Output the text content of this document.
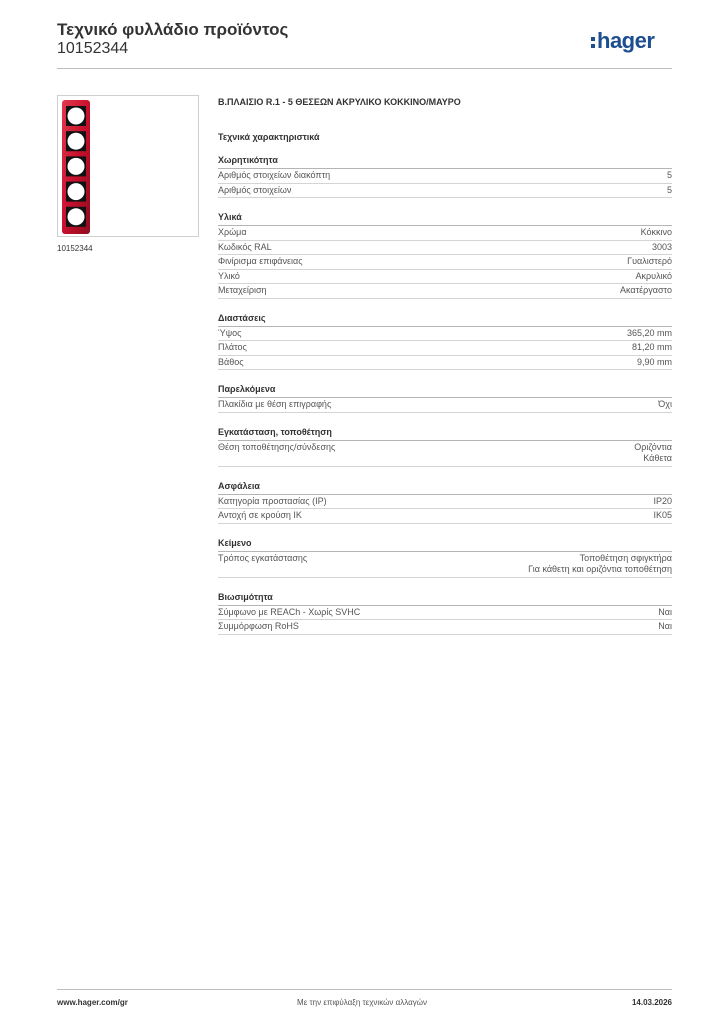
Τεχνικό φυλλάδιο προϊόντος
10152344	hager
10152344
Β.ΠΛΑΙΣΙΟ R.1 - 5 ΘΕΣΕΩΝ ΑΚΡΥΛΙΚΟ ΚΟΚΚΙΝΟ/ΜΑΥΡΟ
Τεχνικά χαρακτηριστικά
Χωρητικότητα
Αριθμός στοιχείων διακόπτη	5
Αριθμός στοιχείων	5
Υλικά
Χρώμα	Κόκκινο
Κωδικός RAL	3003
Φινίρισμα επιφάνειας	Γυαλιστερό
Υλικό	Ακρυλικό
Μεταχείριση	Ακατέργαστο
Διαστάσεις
Ύψος	365,20 mm
Πλάτος	81,20 mm
Βάθος	9,90 mm
Παρελκόμενα
Πλακίδια με θέση επιγραφής	Όχι
Εγκατάσταση, τοποθέτηση
Θέση τοποθέτησης/σύνδεσης	Οριζόντια
Κάθετα
Ασφάλεια
Κατηγορία προστασίας (IP)	IP20
Αντοχή σε κρούση IK	IK05
Κείμενο
Τρόπος εγκατάστασης	Τοποθέτηση σφιγκτήρα
Για κάθετη και οριζόντια τοποθέτηση
Βιωσιμότητα
Σύμφωνο με REACh - Χωρίς SVHC	Ναι
Συμμόρφωση RoHS	Ναι
Με την επιφύλαξη τεχνικών αλλαγών
www.hager.com/gr	14.03.2026
